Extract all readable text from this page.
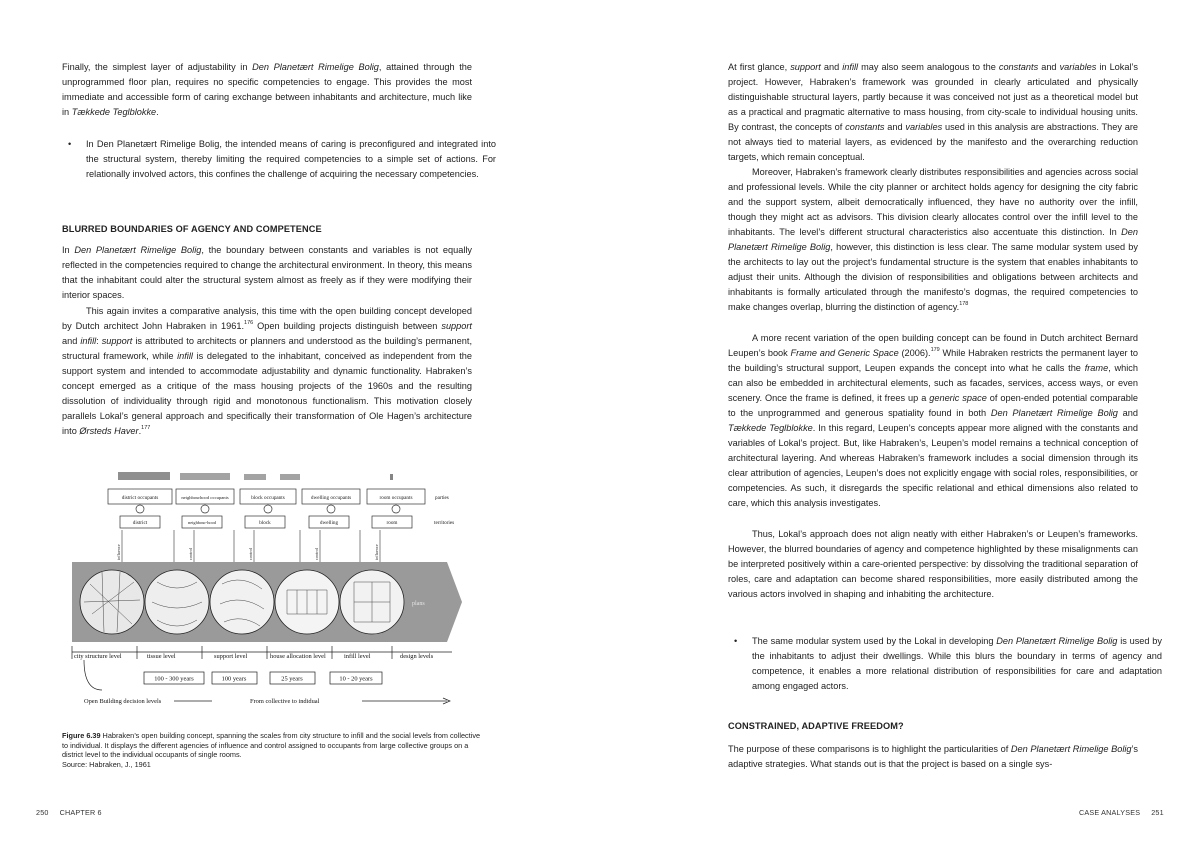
Finally, the simplest layer of adjustability in Den Planetært Rimelige Bolig, attained through the unprogrammed floor plan, requires no specific competencies to engage. This provides the most immediate and accessible form of caring exchange between inhabitants and architecture, much like in Tækkede Teglblokke.

• In Den Planetært Rimelige Bolig, the intended means of caring is preconfigured and integrated into the structural system, thereby limiting the required competencies to a simple set of actions. For relationally involved actors, this confines the challenge of acquiring the necessary competencies.
BLURRED BOUNDARIES OF AGENCY AND COMPETENCE

In Den Planetært Rimelige Bolig, the boundary between constants and variables is not equally reflected in the competencies required to change the architectural environment. In theory, this means that the inhabitant could alter the structural system almost as freely as if they were modifying their interior spaces.

This again invites a comparative analysis, this time with the open building concept developed by Dutch architect John Habraken in 1961.$^{176}$ Open building projects distinguish between support and infill: support is attributed to architects or planners and understood as the building’s permanent, structural framework, while infill is delegated to the inhabitant, conceived as independent from the support system and intended to accommodate adjustability and dynamic functionality. Habraken’s concept emerged as a critique of the mass housing projects of the 1960s and the resulting dissolution of individuality through rigid and monotonous functionalism. This motivation closely parallels Lokal’s general approach and specifically their transformation of Ole Hagen’s architecture into Ørsteds Haver.$^{177}$

district occupants	neighbourhood occupants	block occupants	dwelling occupants	room occupants	parties
district	neighbour-hood	block	dwelling	room	territories
influence	control	control	control	influence
plans
city structure level	tissue level	support level	house allocation level	infill level	design levels
100 - 300 years	100 years	25 years	10 - 20 years
Open Building decision levels	From collective to indidual
Figure 6.39 Habraken’s open building concept, spanning the scales from city structure to infill and the social levels from collective to individual. It displays the different agencies of influence and control assigned to occupants from large collective groups on a district level to the individual occupants of single rooms.
Source: Habraken, J., 1961
250 CHAPTER 6

At first glance, support and infill may also seem analogous to the constants and variables in Lokal’s project. However, Habraken’s framework was grounded in clearly articulated and physically distinguishable structural layers, partly because it was conceived not just as a theoretical model but as a practical and pragmatic alternative to mass housing, from city-scale to individual housing units. By contrast, the concepts of constants and variables used in this analysis are abstractions. They are not always tied to material layers, as evidenced by the manifesto and the overarching reduction targets, which remain conceptual.

Moreover, Habraken’s framework clearly distributes responsibilities and agencies across social and professional levels. While the city planner or architect holds agency for designing the city fabric and the support system, albeit democratically influenced, they have no authority over the infill, though they might act as advisors. This division clearly allocates control over the infill level to the inhabitants. The level’s different structural characteristics also accentuate this distinction. In Den Planetært Rimelige Bolig, however, this distinction is less clear. The same modular system used by the architects to lay out the project’s fundamental structure is the system that enables inhabitants to adjust their units. Although the division of responsibilities and obligations between architects and inhabitants is formally articulated through the manifesto’s dogmas, the required competencies to make changes overlap, blurring the distinction of agency.$^{178}$

A more recent variation of the open building concept can be found in Dutch architect Bernard Leupen’s book Frame and Generic Space (2006).$^{179}$ While Habraken restricts the permanent layer to the building’s structural support, Leupen expands the concept into what he calls the frame, which can also be embedded in architectural elements, such as facades, services, access ways, or even scenery. Once the frame is defined, it frees up a generic space of open-ended potential comparable to the unprogrammed and generous spatiality found in both Den Planetært Rimelige Bolig and Tækkede Teglblokke. In this regard, Leupen’s concepts appear more aligned with the constants and variables of Lokal’s project. But, like Habraken’s, Leupen’s model remains a technical conception of architectural layering. And whereas Habraken’s framework includes a social dimension through its clear attribution of agencies, Leupen’s does not explicitly engage with social roles, responsibilities, or competencies. As such, it disregards the specific relational and ethical dimensions also related to care, which this analysis investigates.

Thus, Lokal’s approach does not align neatly with either Habraken’s or Leupen’s frameworks. However, the blurred boundaries of agency and competence highlighted by these misalignments can be interpreted positively within a care-oriented perspective: by dissolving the traditional separation of roles, care and adaptation can become shared responsibilities, more easily distributed among the various actors involved in shaping and inhabiting the architecture.

• The same modular system used by the Lokal in developing Den Planetært Rimelige Bolig is used by the inhabitants to adjust their dwellings. While this blurs the boundary in terms of agency and competence, it enables a more relational distribution of responsibilities for care and adaptation among engaged actors.
CONSTRAINED, ADAPTIVE FREEDOM?

The purpose of these comparisons is to highlight the particularities of Den Planetært Rimelige Bolig’s adaptive strategies. What stands out is that the project is based on a single sys-

CASE ANALYSES 251
